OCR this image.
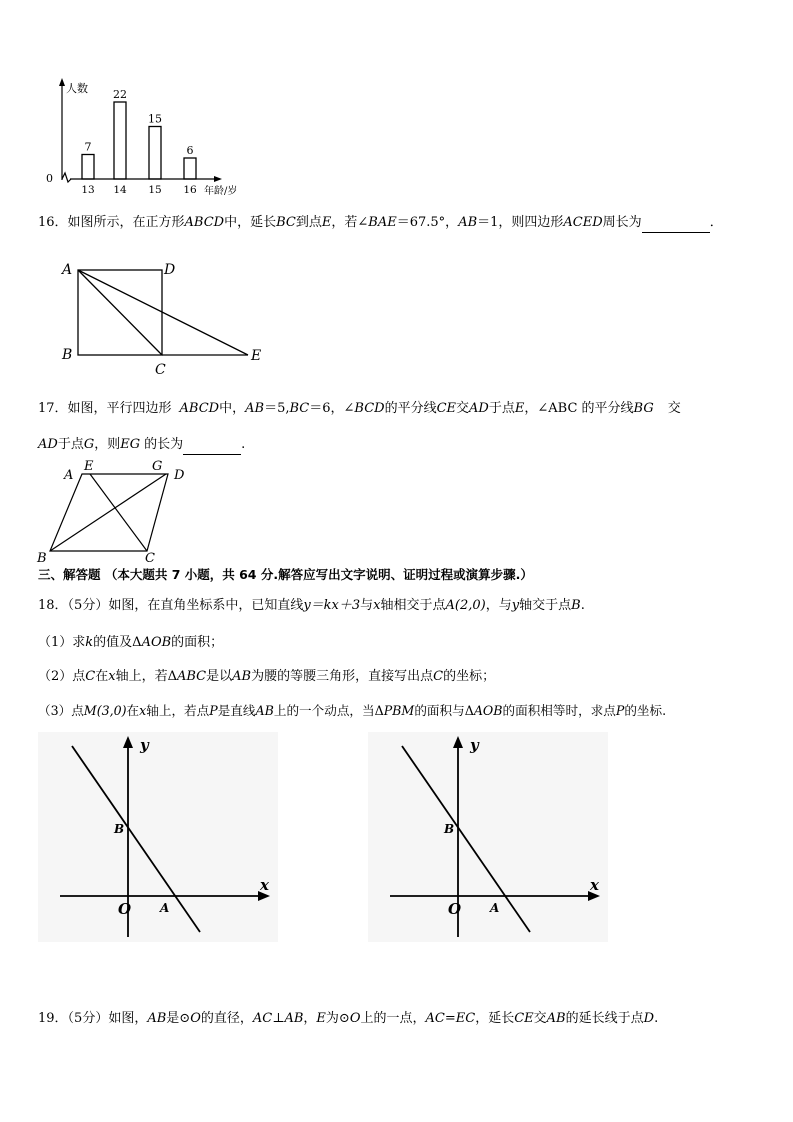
7
13
22
14
15
15
6
16
人数
0
年龄/岁
16．如图所示，在正方形ABCD中，延长BC到点E，若∠BAE＝67.5°，AB＝1，则四边形ACED周长为	．
A	D
B
C
E
17．如图，平行四边形 ABCD中，AB＝5,BC＝6，∠BCD的平分线CE交AD于点E，∠ABC 的平分线BG 交
AD于点G，则EG 的长为	.
A
E	G
D
B	C
三、解答题 （本大题共 7 小题，共 64 分.解答应写出文字说明、证明过程或演算步骤.）
18．（5分）如图，在直角坐标系中，已知直线y＝kx＋3与x轴相交于点A(2,0)，与y轴交于点B.
（1）求k的值及ΔAOB的面积；
（2）点C在x轴上，若ΔABC是以AB为腰的等腰三角形，直接写出点C的坐标；
（3）点M(3,0)在x轴上，若点P是直线AB上的一个动点，当ΔPBM的面积与ΔAOB的面积相等时，求点P的坐标.
y
x
O A
B
y
x
O A
B
19．（5分）如图，AB是⊙O的直径，AC⊥AB，E为⊙O上的一点，AC=EC，延长CE交AB的延长线于点D.
